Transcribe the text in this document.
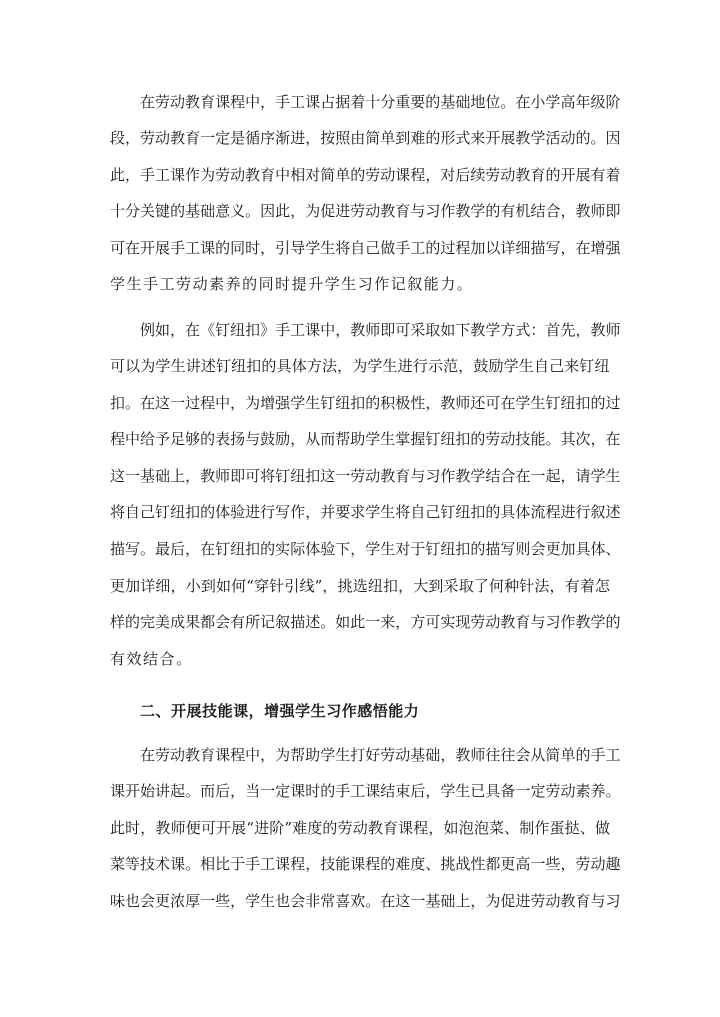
在 劳 动 教 育 课 程 中 ， 手 工 课 占 据 着 十 分 重 要 的 基 础 地 位 。 在 小 学 高 年 级 阶
段 ， 劳 动 教 育 一 定 是 循 序 渐 进 ， 按 照 由 简 单 到 难 的 形 式 来 开 展 教 学 活 动 的 。 因
此 ， 手 工 课 作 为 劳 动 教 育 中 相 对 简 单 的 劳 动 课 程 ， 对 后 续 劳 动 教 育 的 开 展 有 着
十 分 关 键 的 基 础 意 义 。 因 此 ， 为 促 进 劳 动 教 育 与 习 作 教 学 的 有 机 结 合 ， 教 师 即
可 在 开 展 手 工 课 的 同 时 ， 引 导 学 生 将 自 己 做 手 工 的 过 程 加 以 详 细 描 写 ， 在 增 强
学 生 手 工 劳 动 素 养 的 同 时 提 升 学 生 习 作 记 叙 能 力 。
例 如 ， 在 《 钉 纽 扣 》 手 工 课 中 ， 教 师 即 可 采 取 如 下 教 学 方 式 ： 首 先 ， 教 师
可 以 为 学 生 讲 述 钉 纽 扣 的 具 体 方 法 ， 为 学 生 进 行 示 范 ， 鼓 励 学 生 自 己 来 钉 纽
扣 。 在 这 一 过 程 中 ， 为 增 强 学 生 钉 纽 扣 的 积 极 性 ， 教 师 还 可 在 学 生 钉 纽 扣 的 过
程 中 给 予 足 够 的 表 扬 与 鼓 励 ， 从 而 帮 助 学 生 掌 握 钉 纽 扣 的 劳 动 技 能 。 其 次 ， 在
这 一 基 础 上 ， 教 师 即 可 将 钉 纽 扣 这 一 劳 动 教 育 与 习 作 教 学 结 合 在 一 起 ， 请 学 生
将 自 己 钉 纽 扣 的 体 验 进 行 写 作 ， 并 要 求 学 生 将 自 己 钉 纽 扣 的 具 体 流 程 进 行 叙 述
描 写 。 最 后 ， 在 钉 纽 扣 的 实 际 体 验 下 ， 学 生 对 于 钉 纽 扣 的 描 写 则 会 更 加 具 体 、
更 加 详 细 ， 小 到 如 何 “ 穿 针 引 线 ” ， 挑 选 纽 扣 ， 大 到 采 取 了 何 种 针 法 ， 有 着 怎
样 的 完 美 成 果 都 会 有 所 记 叙 描 述 。 如 此 一 来 ， 方 可 实 现 劳 动 教 育 与 习 作 教 学 的
有 效 结 合 。
二 、 开 展 技 能 课 ， 增 强 学 生 习 作 感 悟 能 力
在 劳 动 教 育 课 程 中 ， 为 帮 助 学 生 打 好 劳 动 基 础 ， 教 师 往 往 会 从 简 单 的 手 工
课 开 始 讲 起 。 而 后 ， 当 一 定 课 时 的 手 工 课 结 束 后 ， 学 生 已 具 备 一 定 劳 动 素 养 。
此 时 ， 教 师 便 可 开 展 “ 进 阶 ” 难 度 的 劳 动 教 育 课 程 ， 如 泡 泡 菜 、 制 作 蛋 挞 、 做
菜 等 技 术 课 。 相 比 于 手 工 课 程 ， 技 能 课 程 的 难 度 、 挑 战 性 都 更 高 一 些 ， 劳 动 趣
味 也 会 更 浓 厚 一 些 ， 学 生 也 会 非 常 喜 欢 。 在 这 一 基 础 上 ， 为 促 进 劳 动 教 育 与 习
